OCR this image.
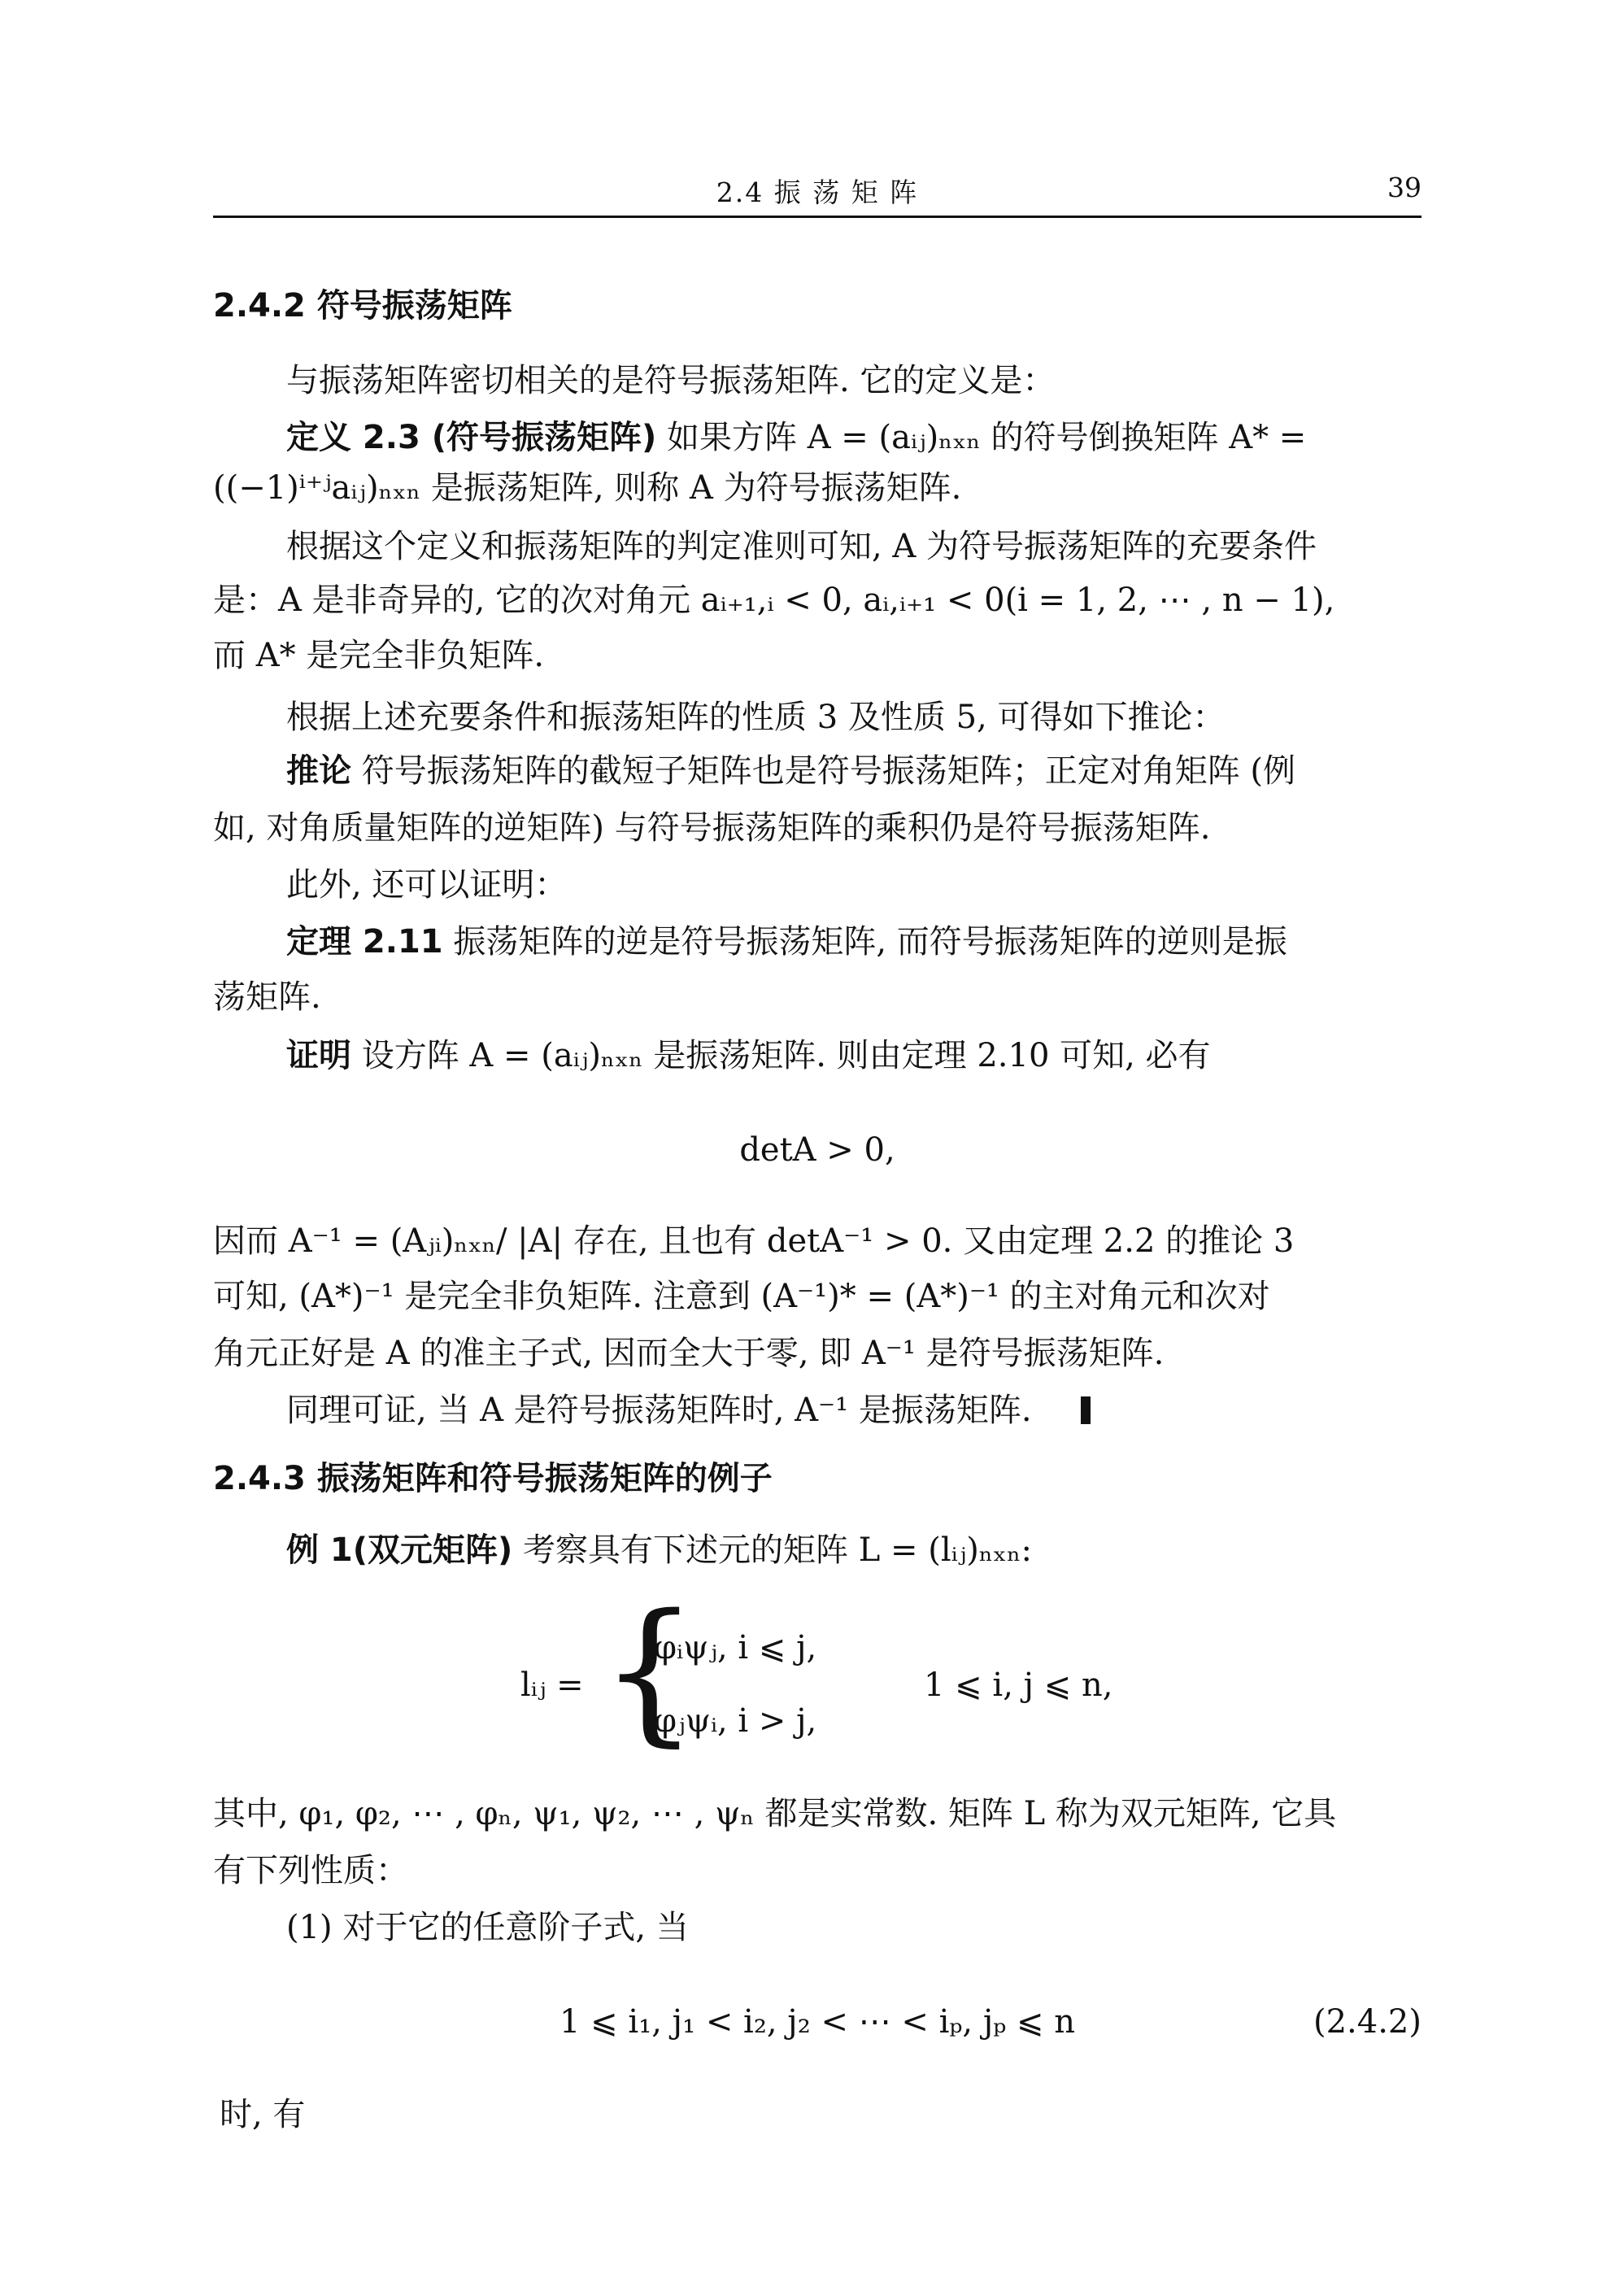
2.4 振 荡 矩 阵	39
2.4.2 符号振荡矩阵
与振荡矩阵密切相关的是符号振荡矩阵. 它的定义是：
定义 2.3 (符号振荡矩阵) 如果方阵 A = (aᵢⱼ)ₙₓₙ 的符号倒换矩阵 A* =
((−1)ⁱ⁺ʲaᵢⱼ)ₙₓₙ 是振荡矩阵, 则称 A 为符号振荡矩阵.
根据这个定义和振荡矩阵的判定准则可知, A 为符号振荡矩阵的充要条件
是：A 是非奇异的, 它的次对角元 aᵢ₊₁,ᵢ < 0, aᵢ,ᵢ₊₁ < 0(i = 1, 2, ⋯ , n − 1),
而 A* 是完全非负矩阵.
根据上述充要条件和振荡矩阵的性质 3 及性质 5, 可得如下推论：
推论 符号振荡矩阵的截短子矩阵也是符号振荡矩阵；正定对角矩阵 (例
如, 对角质量矩阵的逆矩阵) 与符号振荡矩阵的乘积仍是符号振荡矩阵.
此外, 还可以证明：
定理 2.11 振荡矩阵的逆是符号振荡矩阵, 而符号振荡矩阵的逆则是振
荡矩阵.
证明 设方阵 A = (aᵢⱼ)ₙₓₙ 是振荡矩阵. 则由定理 2.10 可知, 必有
detA > 0,
因而 A⁻¹ = (Aⱼᵢ)ₙₓₙ/ |A| 存在, 且也有 detA⁻¹ > 0. 又由定理 2.2 的推论 3
可知, (A*)⁻¹ 是完全非负矩阵. 注意到 (A⁻¹)* = (A*)⁻¹ 的主对角元和次对
角元正好是 A 的准主子式, 因而全大于零, 即 A⁻¹ 是符号振荡矩阵.
同理可证, 当 A 是符号振荡矩阵时, A⁻¹ 是振荡矩阵.
2.4.3 振荡矩阵和符号振荡矩阵的例子
例 1(双元矩阵) 考察具有下述元的矩阵 L = (lᵢⱼ)ₙₓₙ:
lᵢⱼ = {
φᵢψⱼ, i ⩽ j,
φⱼψᵢ, i > j,
1 ⩽ i, j ⩽ n,
其中, φ₁, φ₂, ⋯ , φₙ, ψ₁, ψ₂, ⋯ , ψₙ 都是实常数. 矩阵 L 称为双元矩阵, 它具
有下列性质：
(1) 对于它的任意阶子式, 当
1 ⩽ i₁, j₁ < i₂, j₂ < ⋯ < iₚ, jₚ ⩽ n	(2.4.2)
时, 有
